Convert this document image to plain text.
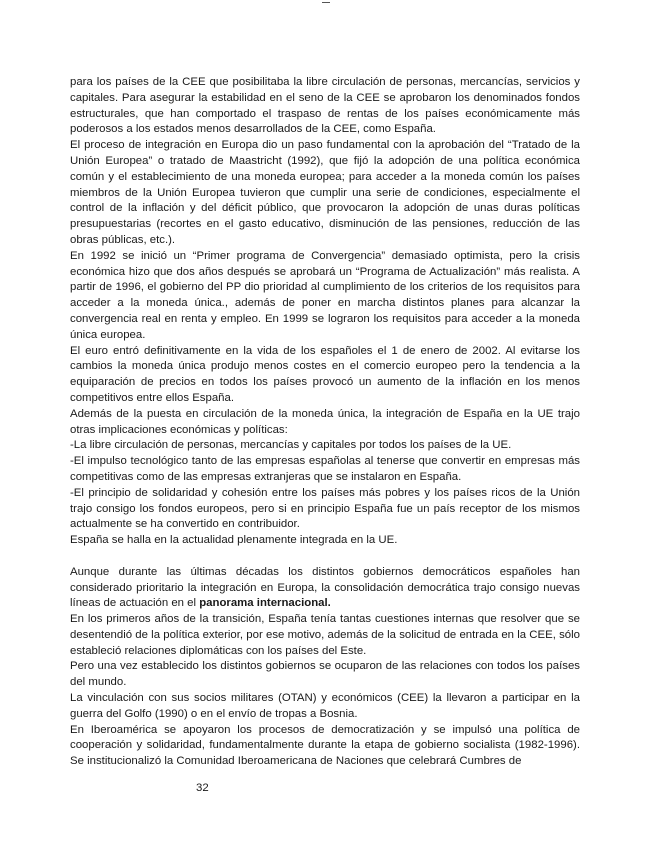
para los países de la CEE que posibilitaba la libre circulación de personas, mercancías, servicios y capitales. Para asegurar la estabilidad en el seno de la CEE se aprobaron los denominados fondos estructurales, que han comportado el traspaso de rentas de los países económicamente más poderosos a los estados menos desarrollados de la CEE, como España.

El proceso de integración en Europa dio un paso fundamental con la aprobación del “Tratado de la Unión Europea” o tratado de Maastricht (1992), que fijó la adopción de una política económica común y el establecimiento de una moneda europea; para acceder a la moneda común los países miembros de la Unión Europea tuvieron que cumplir una serie de condiciones, especialmente el control de la inflación y del déficit público, que provocaron la adopción de unas duras políticas presupuestarias (recortes en el gasto educativo, disminución de las pensiones, reducción de las obras públicas, etc.).

En 1992 se inició un “Primer programa de Convergencia” demasiado optimista, pero la crisis económica hizo que dos años después se aprobará un “Programa de Actualización” más realista. A partir de 1996, el gobierno del PP dio prioridad al cumplimiento de los criterios de los requisitos para acceder a la moneda única., además de poner en marcha distintos planes para alcanzar la convergencia real en renta y empleo. En 1999 se lograron los requisitos para acceder a la moneda única europea.

El euro entró definitivamente en la vida de los españoles el 1 de enero de 2002. Al evitarse los cambios la moneda única produjo menos costes en el comercio europeo pero la tendencia a la equiparación de precios en todos los países provocó un aumento de la inflación en los menos competitivos entre ellos España.

Además de la puesta en circulación de la moneda única, la integración de España en la UE trajo otras implicaciones económicas y políticas:

-La libre circulación de personas, mercancías y capitales por todos los países de la UE.

-El impulso tecnológico tanto de las empresas españolas al tenerse que convertir en empresas más competitivas como de las empresas extranjeras que se instalaron en España.

-El principio de solidaridad y cohesión entre los países más pobres y los países ricos de la Unión trajo consigo los fondos europeos, pero si en principio España fue un país receptor de los mismos actualmente se ha convertido en contribuidor.

España se halla en la actualidad plenamente integrada en la UE.

Aunque durante las últimas décadas los distintos gobiernos democráticos españoles han considerado prioritario la integración en Europa, la consolidación democrática trajo consigo nuevas líneas de actuación en el panorama internacional.

En los primeros años de la transición, España tenía tantas cuestiones internas que resolver que se desentendió de la política exterior, por ese motivo, además de la solicitud de entrada en la CEE, sólo estableció relaciones diplomáticas con los países del Este.

Pero una vez establecido los distintos gobiernos se ocuparon de las relaciones con todos los países del mundo.

La vinculación con sus socios militares (OTAN) y económicos (CEE) la llevaron a participar en la guerra del Golfo (1990) o en el envío de tropas a Bosnia.

En Iberoamérica se apoyaron los procesos de democratización y se impulsó una política de cooperación y solidaridad, fundamentalmente durante la etapa de gobierno socialista (1982-1996). Se institucionalizó la Comunidad Iberoamericana de Naciones que celebrará Cumbres de

32
